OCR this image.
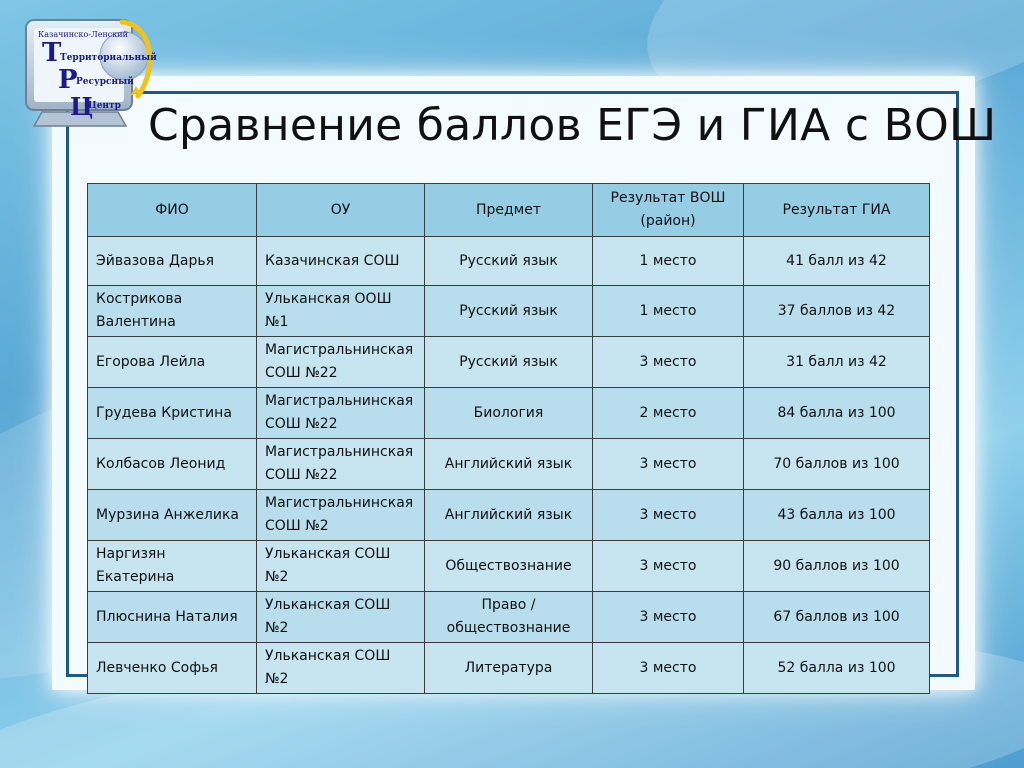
Казачинско-Ленский
Т
Территориальный
Р
Ресурсный
Ц
Центр Сравнение баллов ЕГЭ и ГИА с ВОШ
ФИО	ОУ	Предмет	Результат ВОШ (район)	Результат ГИА
Эйвазова Дарья	Казачинская СОШ	Русский язык	1 место	41 балл из 42
Кострикова Валентина	Ульканская ООШ №1	Русский язык	1 место	37 баллов из 42
Егорова Лейла	Магистральнинская СОШ №22	Русский язык	3 место	31 балл из 42
Грудева Кристина	Магистральнинская СОШ №22	Биология	2 место	84 балла из 100
Колбасов Леонид	Магистральнинская СОШ №22	Английский язык	3 место	70 баллов из 100
Мурзина Анжелика	Магистральнинская СОШ №2	Английский язык	3 место	43 балла из 100
Наргизян Екатерина	Ульканская СОШ №2	Обществознание	3 место	90 баллов из 100
Плюснина Наталия	Ульканская СОШ №2	Право /обществознание	3 место	67 баллов из 100
Левченко Софья	Ульканская СОШ №2	Литература	3 место	52 балла из 100
